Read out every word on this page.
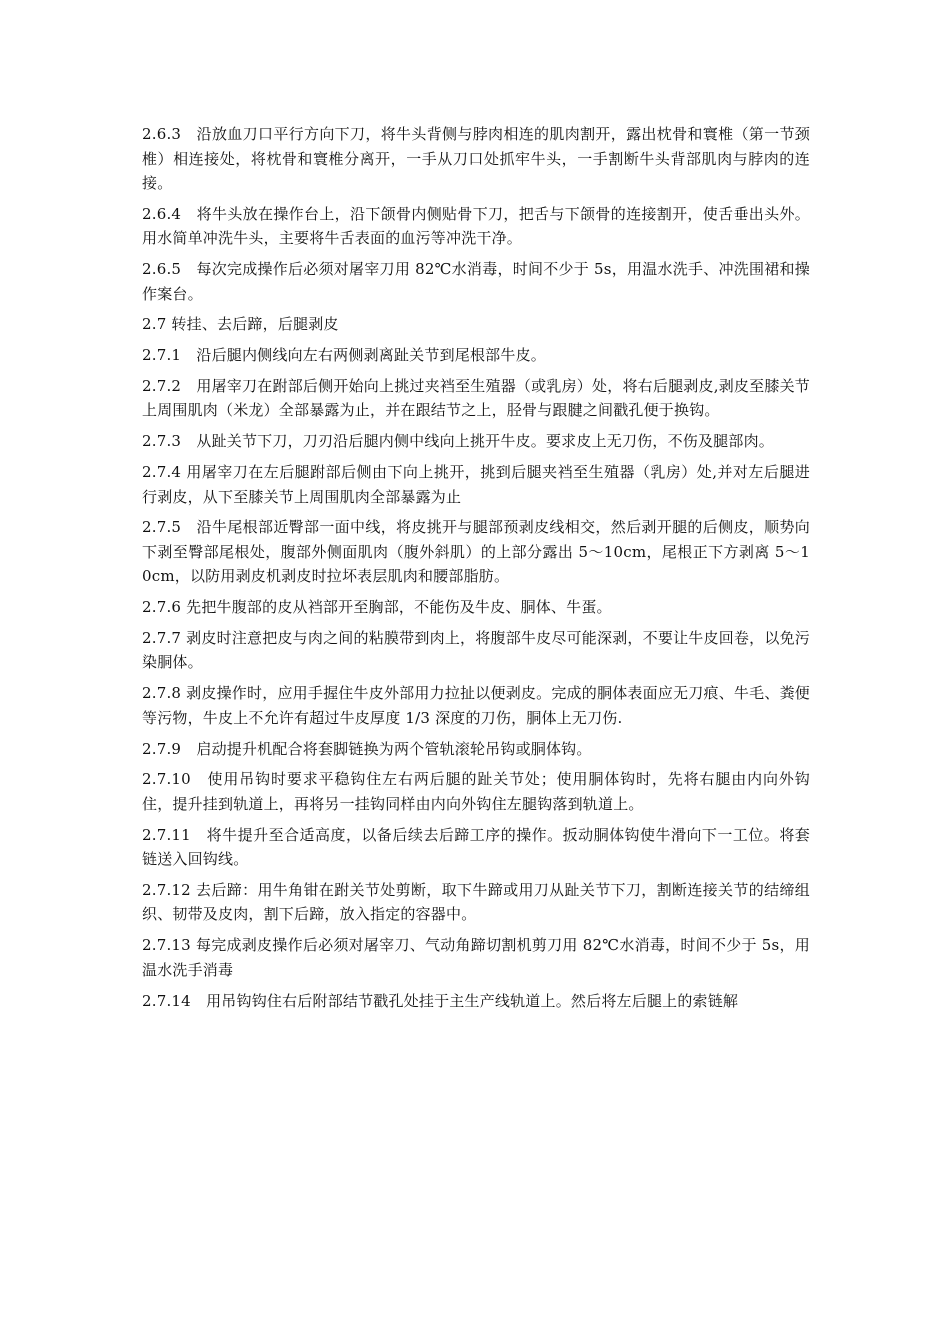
2.6.3　沿放血刀口平行方向下刀，将牛头背侧与脖肉相连的肌肉割开，露出枕骨和寰椎（第一节颈椎）相连接处，将枕骨和寰椎分离开，一手从刀口处抓牢牛头，一手割断牛头背部肌肉与脖肉的连接。

2.6.4　将牛头放在操作台上，沿下颌骨内侧贴骨下刀，把舌与下颌骨的连接割开，使舌垂出头外。用水简单冲洗牛头，主要将牛舌表面的血污等冲洗干净。

2.6.5　每次完成操作后必须对屠宰刀用 82℃水消毒，时间不少于 5s，用温水洗手、冲洗围裙和操作案台。

2.7 转挂、去后蹄，后腿剥皮

2.7.1　沿后腿内侧线向左右两侧剥离趾关节到尾根部牛皮。

2.7.2　用屠宰刀在跗部后侧开始向上挑过夹裆至生殖器（或乳房）处，将右后腿剥皮,剥皮至膝关节上周围肌肉（米龙）全部暴露为止，并在跟结节之上，胫骨与跟腱之间戳孔便于换钩。

2.7.3　从趾关节下刀，刀刃沿后腿内侧中线向上挑开牛皮。要求皮上无刀伤，不伤及腿部肉。

2.7.4 用屠宰刀在左后腿跗部后侧由下向上挑开，挑到后腿夹裆至生殖器（乳房）处,并对左后腿进行剥皮，从下至膝关节上周围肌肉全部暴露为止

2.7.5　沿牛尾根部近臀部一面中线，将皮挑开与腿部预剥皮线相交，然后剥开腿的后侧皮，顺势向下剥至臀部尾根处，腹部外侧面肌肉（腹外斜肌）的上部分露出 5～10cm，尾根正下方剥离 5～10cm，以防用剥皮机剥皮时拉坏表层肌肉和腰部脂肪。

2.7.6 先把牛腹部的皮从裆部开至胸部，不能伤及牛皮、胴体、牛蛋。

2.7.7 剥皮时注意把皮与肉之间的粘膜带到肉上，将腹部牛皮尽可能深剥，不要让牛皮回卷，以免污染胴体。

2.7.8 剥皮操作时，应用手握住牛皮外部用力拉扯以便剥皮。完成的胴体表面应无刀痕、牛毛、粪便等污物，牛皮上不允许有超过牛皮厚度 1/3 深度的刀伤，胴体上无刀伤.

2.7.9　启动提升机配合将套脚链换为两个管轨滚轮吊钩或胴体钩。

2.7.10　使用吊钩时要求平稳钩住左右两后腿的趾关节处；使用胴体钩时，先将右腿由内向外钩住，提升挂到轨道上，再将另一挂钩同样由内向外钩住左腿钩落到轨道上。

2.7.11　将牛提升至合适高度，以备后续去后蹄工序的操作。扳动胴体钩使牛滑向下一工位。将套链送入回钩线。

2.7.12 去后蹄：用牛角钳在跗关节处剪断，取下牛蹄或用刀从趾关节下刀，割断连接关节的结缔组织、韧带及皮肉，割下后蹄，放入指定的容器中。

2.7.13 每完成剥皮操作后必须对屠宰刀、气动角蹄切割机剪刀用 82℃水消毒，时间不少于 5s，用温水洗手消毒

2.7.14　用吊钩钩住右后附部结节戳孔处挂于主生产线轨道上。然后将左后腿上的索链解
